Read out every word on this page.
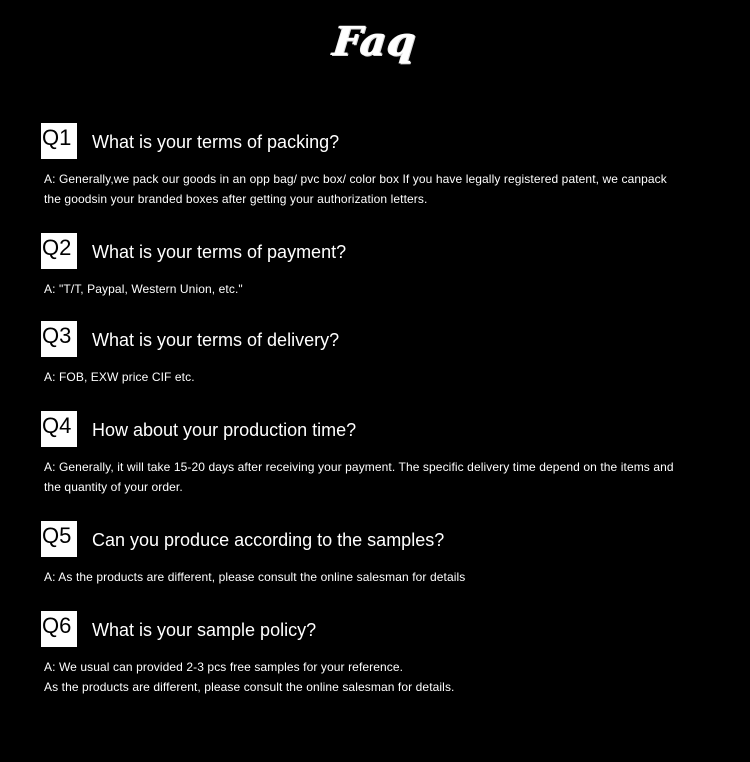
Faq
Q1	What is your terms of packing?
A: Generally,we pack our goods in an opp bag/ pvc box/ color box If you have legally registered patent, we canpack
the goodsin your branded boxes after getting your authorization letters.
Q2	What is your terms of payment?
A: "T/T, Paypal, Western Union, etc."
Q3	What is your terms of delivery?
A: FOB, EXW price CIF etc.
Q4	How about your production time?
A: Generally, it will take 15-20 days after receiving your payment. The specific delivery time depend on the items and
the quantity of your order.
Q5	Can you produce according to the samples?
A: As the products are different, please consult the online salesman for details
Q6	What is your sample policy?
A: We usual can provided 2-3 pcs free samples for your reference.
As the products are different, please consult the online salesman for details.
